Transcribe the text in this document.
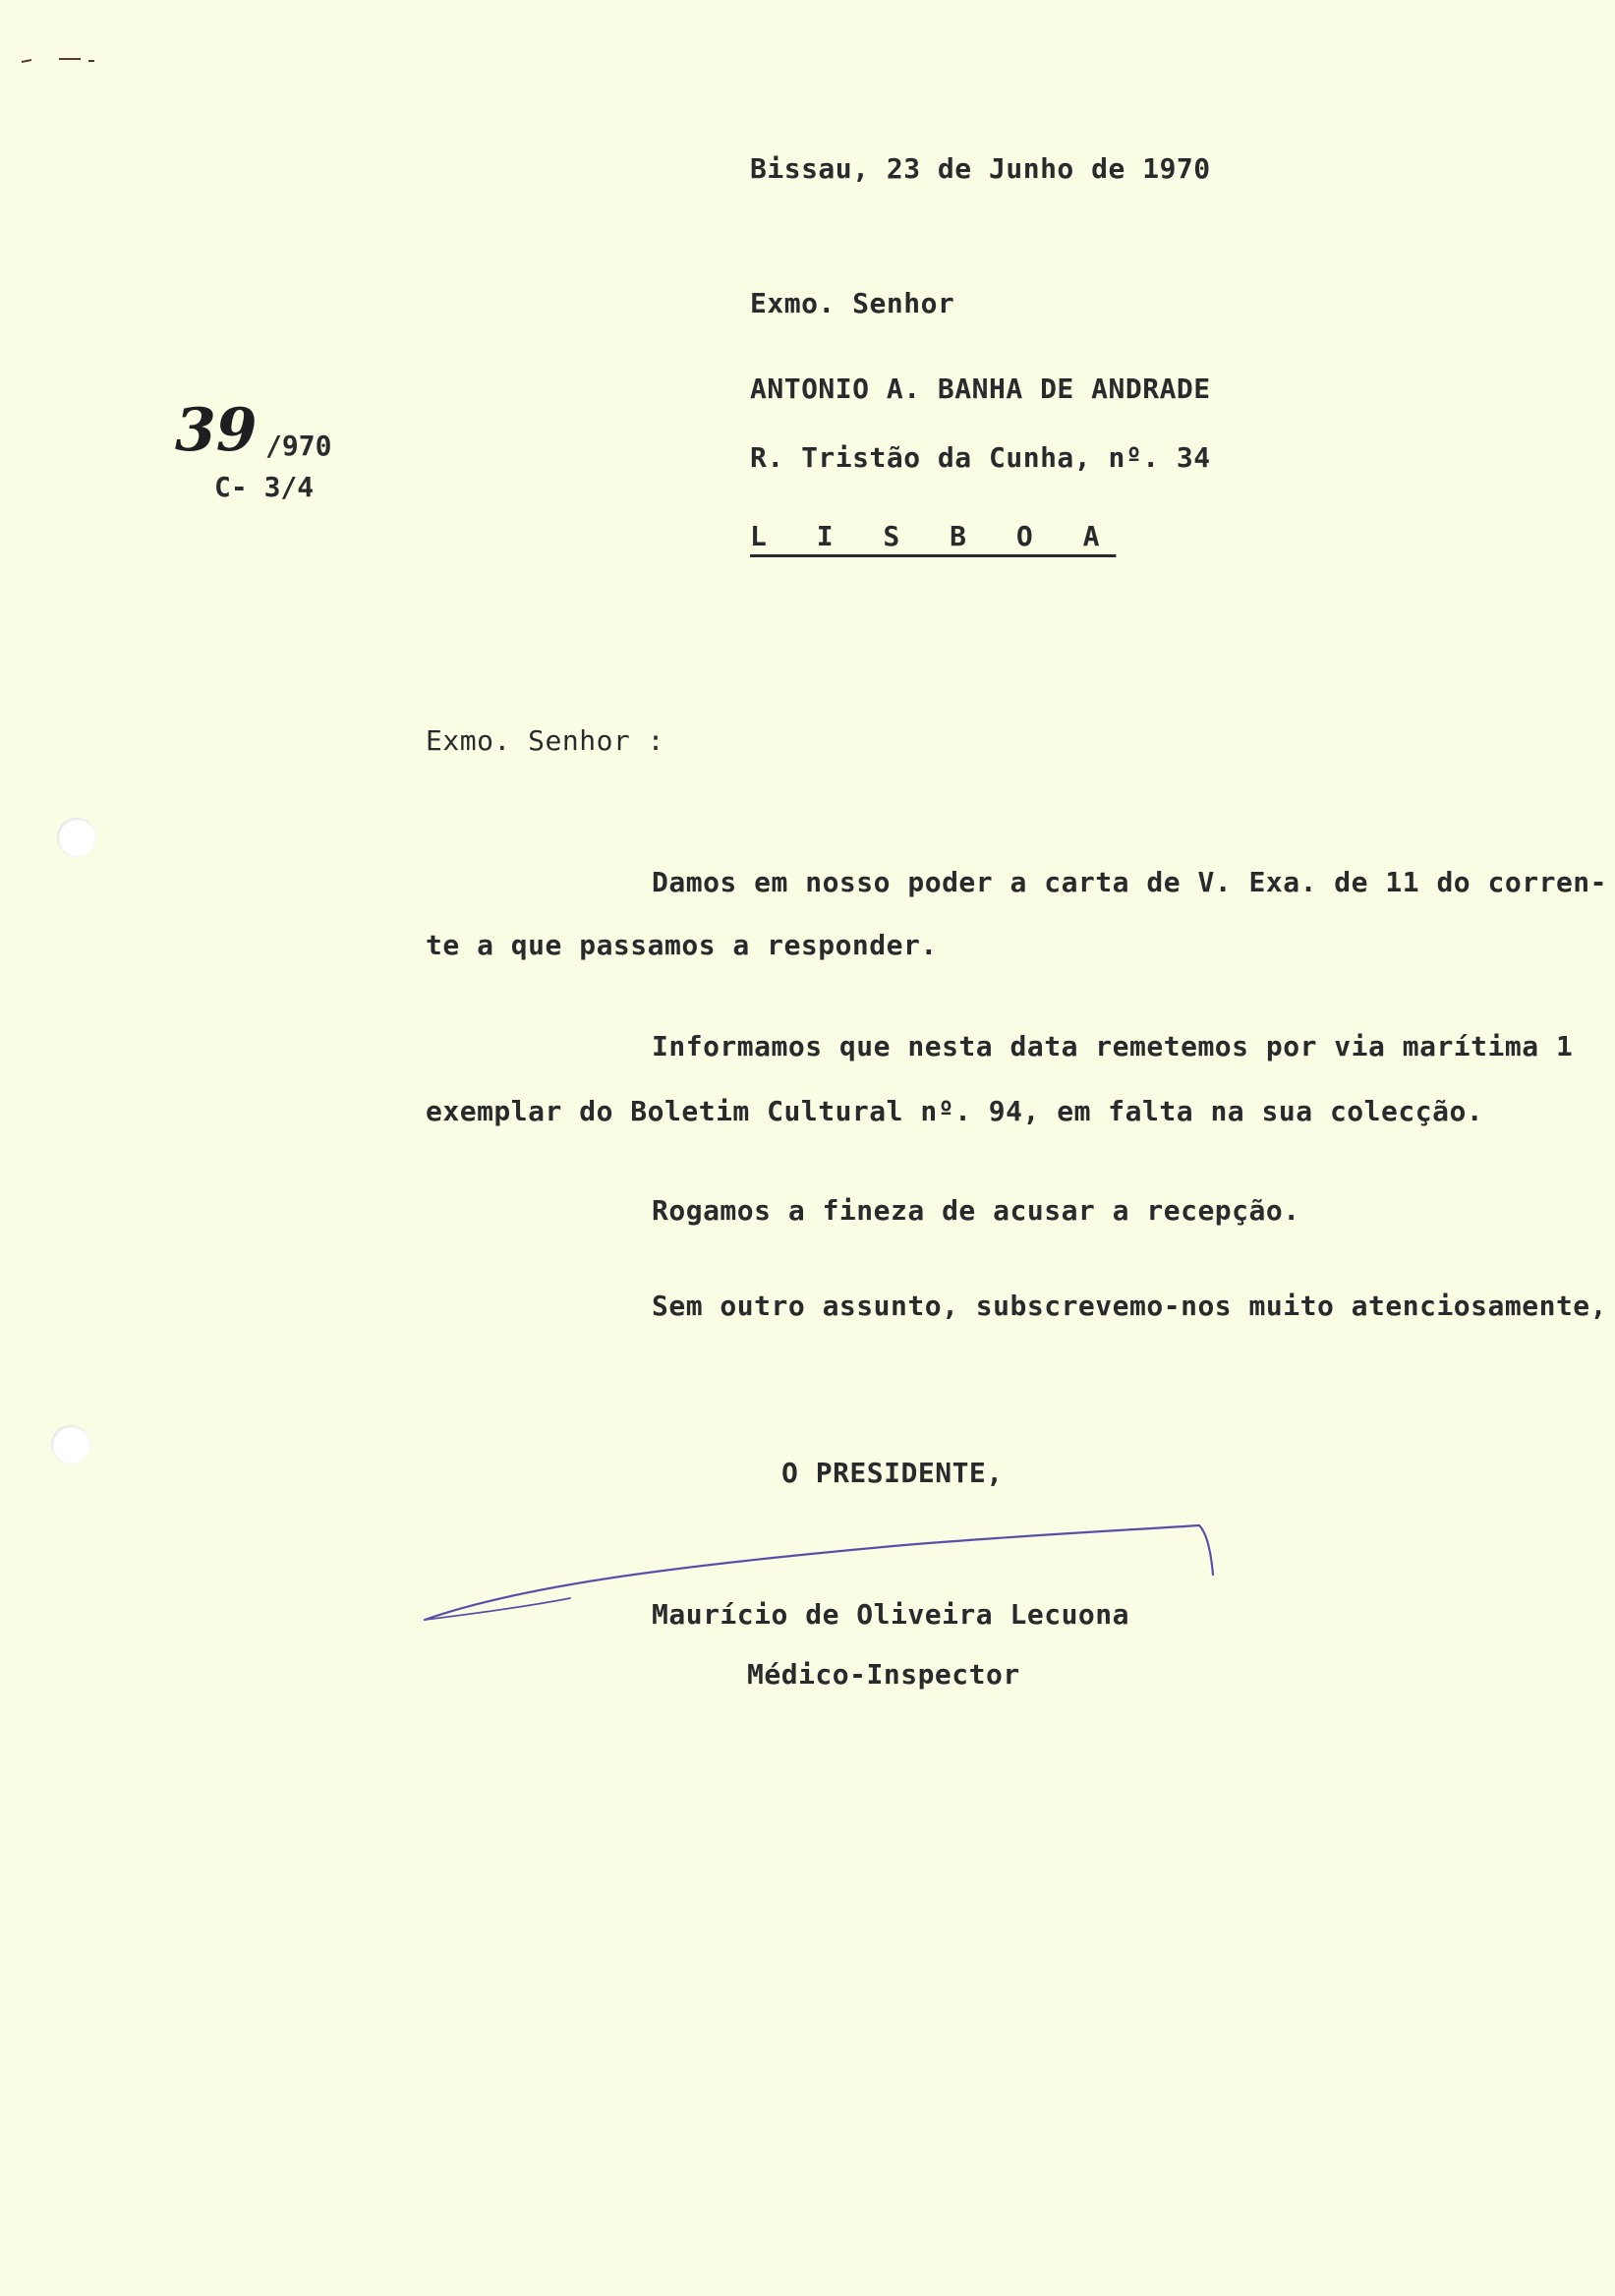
Bissau, 23 de Junho de 1970
Exmo. Senhor
ANTONIO A. BANHA DE ANDRADE
R. Tristão da Cunha, nº. 34
L I S B O A
39 /970
C- 3/4
Exmo. Senhor :
Damos em nosso poder a carta de V. Exa. de 11 do corren-
te a que passamos a responder.
Informamos que nesta data remetemos por via marítima 1
exemplar do Boletim Cultural nº. 94, em falta na sua colecção.
Rogamos a fineza de acusar a recepção.
Sem outro assunto, subscrevemo-nos muito atenciosamente,
O PRESIDENTE,
Maurício de Oliveira Lecuona
Médico-Inspector
